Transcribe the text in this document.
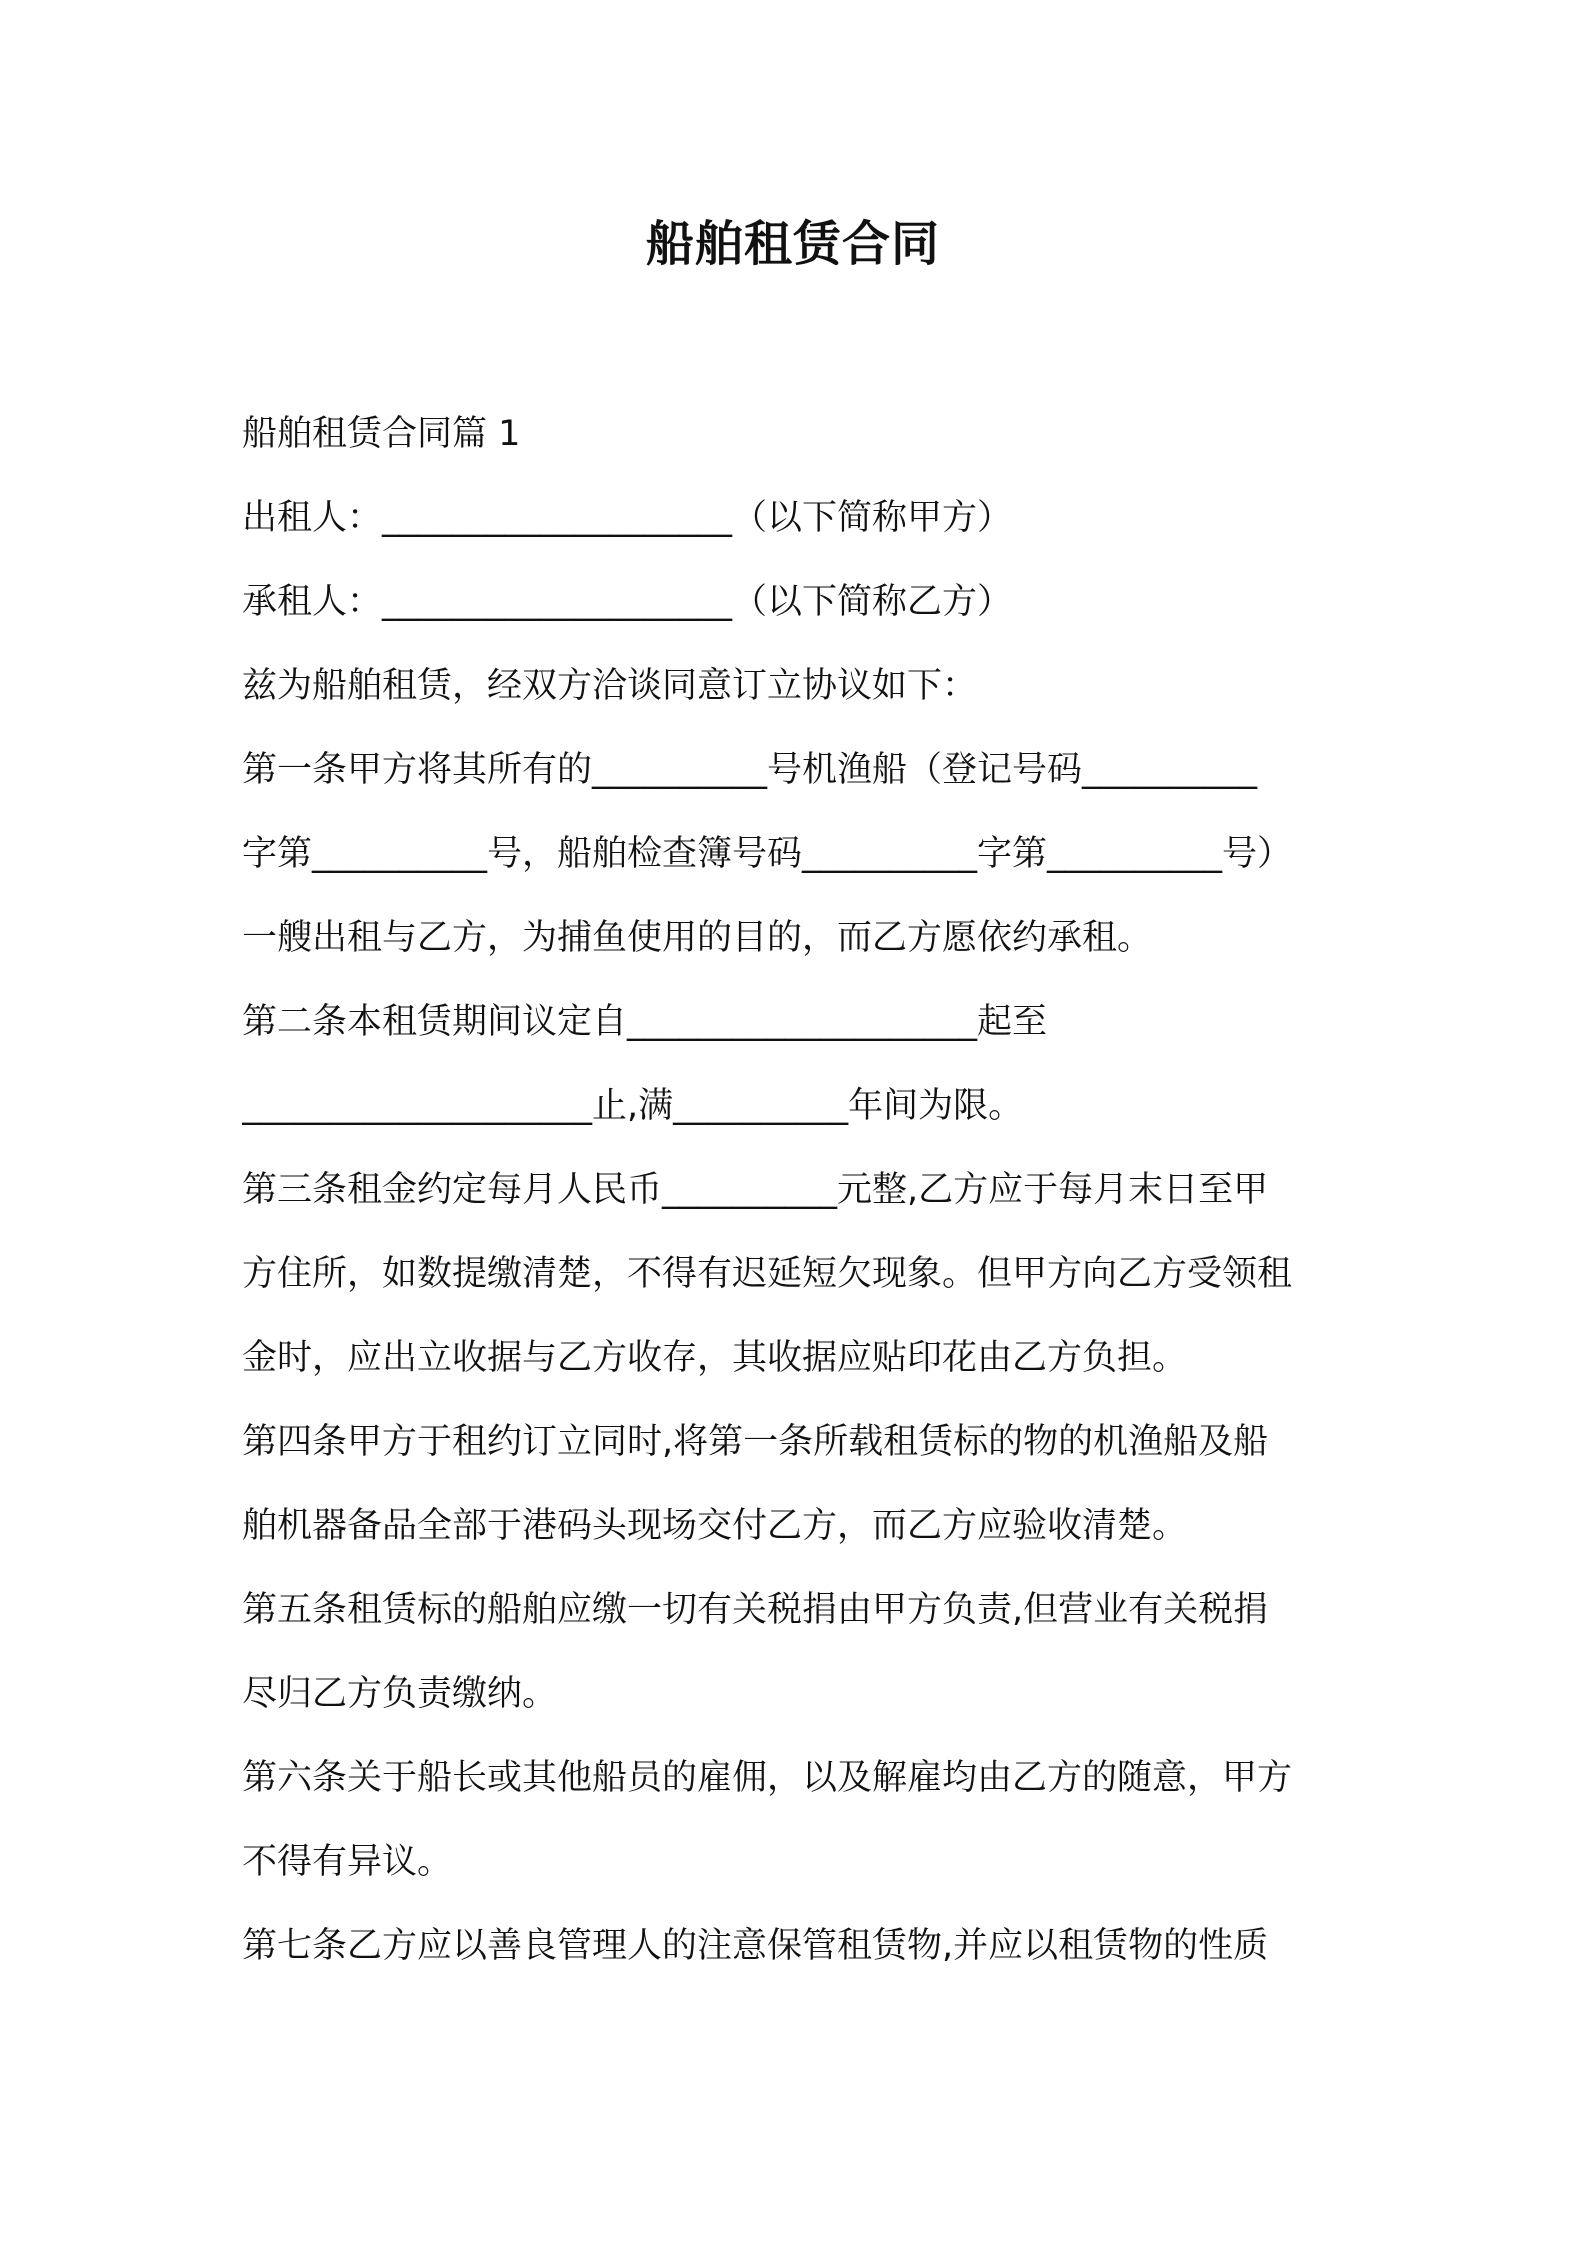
船舶租赁合同
船舶租赁合同篇 1
出租人：____________________（以下简称甲方）
承租人：____________________（以下简称乙方）
兹为船舶租赁，经双方洽谈同意订立协议如下：
第一条甲方将其所有的__________号机渔船（登记号码__________
字第__________号，船舶检查簿号码__________字第__________号）
一艘出租与乙方，为捕鱼使用的目的，而乙方愿依约承租。
第二条本租赁期间议定自____________________起至
____________________止,满__________年间为限。
第三条租金约定每月人民币__________元整,乙方应于每月末日至甲
方住所，如数提缴清楚，不得有迟延短欠现象。但甲方向乙方受领租
金时，应出立收据与乙方收存，其收据应贴印花由乙方负担。
第四条甲方于租约订立同时,将第一条所载租赁标的物的机渔船及船
舶机器备品全部于港码头现场交付乙方，而乙方应验收清楚。
第五条租赁标的船舶应缴一切有关税捐由甲方负责,但营业有关税捐
尽归乙方负责缴纳。
第六条关于船长或其他船员的雇佣，以及解雇均由乙方的随意，甲方
不得有异议。
第七条乙方应以善良管理人的注意保管租赁物,并应以租赁物的性质
